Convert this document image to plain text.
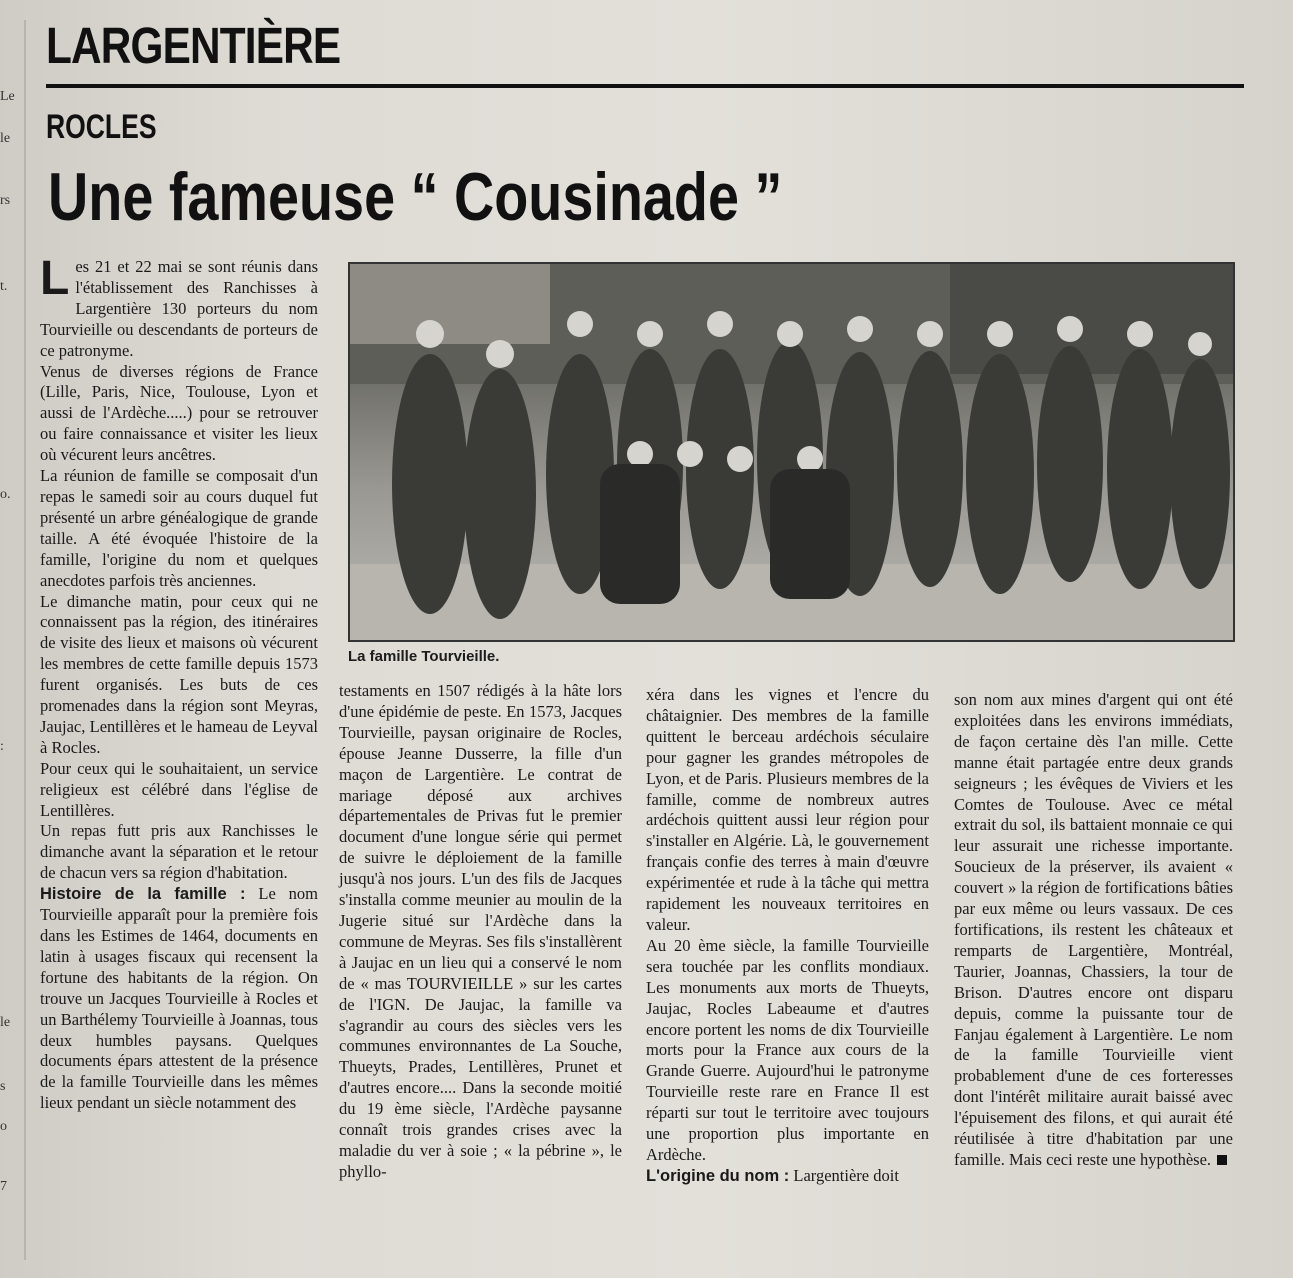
Le
le
rs
t.
o.
:
le
s
o
7
LARGENTIÈRE
ROCLES
Une fameuse “ Cousinade ”
La famille Tourvieille.

Les 21 et 22 mai se sont réunis dans l'établissement des Ranchisses à Largentière 130 porteurs du nom Tourvieille ou descendants de porteurs de ce patronyme.

Venus de diverses régions de France (Lille, Paris, Nice, Toulouse, Lyon et aussi de l'Ardèche.....) pour se retrouver ou faire connaissance et visiter les lieux où vécurent leurs ancêtres.

La réunion de famille se composait d'un repas le samedi soir au cours duquel fut présenté un arbre généalogique de grande taille. A été évoquée l'histoire de la famille, l'origine du nom et quelques anecdotes parfois très anciennes.

Le dimanche matin, pour ceux qui ne connaissent pas la région, des itinéraires de visite des lieux et maisons où vécurent les membres de cette famille depuis 1573 furent organisés. Les buts de ces promenades dans la région sont Meyras, Jaujac, Lentillères et le hameau de Leyval à Rocles.

Pour ceux qui le souhaitaient, un service religieux est célébré dans l'église de Lentillères.

Un repas futt pris aux Ranchisses le dimanche avant la séparation et le retour de chacun vers sa région d'habitation.

Histoire de la famille : Le nom Tourvieille apparaît pour la première fois dans les Estimes de 1464, documents en latin à usages fiscaux qui recensent la fortune des habitants de la région. On trouve un Jacques Tourvieille à Rocles et un Barthélemy Tourvieille à Joannas, tous deux humbles paysans. Quelques documents épars attestent de la présence de la famille Tourvieille dans les mêmes lieux pendant un siècle notamment des

testaments en 1507 rédigés à la hâte lors d'une épidémie de peste. En 1573, Jacques Tourvieille, paysan originaire de Rocles, épouse Jeanne Dusserre, la fille d'un maçon de Largentière. Le contrat de mariage déposé aux archives départementales de Privas fut le premier document d'une longue série qui permet de suivre le déploiement de la famille jusqu'à nos jours. L'un des fils de Jacques s'installa comme meunier au moulin de la Jugerie situé sur l'Ardèche dans la commune de Meyras. Ses fils s'installèrent à Jaujac en un lieu qui a conservé le nom de « mas TOURVIEILLE » sur les cartes de l'IGN. De Jaujac, la famille va s'agrandir au cours des siècles vers les communes environnantes de La Souche, Thueyts, Prades, Lentillères, Prunet et d'autres encore.... Dans la seconde moitié du 19 ème siècle, l'Ardèche paysanne connaît trois grandes crises avec la maladie du ver à soie ; « la pébrine », le phyllo-

xéra dans les vignes et l'encre du châtaignier. Des membres de la famille quittent le berceau ardéchois séculaire pour gagner les grandes métropoles de Lyon, et de Paris. Plusieurs membres de la famille, comme de nombreux autres ardéchois quittent aussi leur région pour s'installer en Algérie. Là, le gouvernement français confie des terres à main d'œuvre expérimentée et rude à la tâche qui mettra rapidement les nouveaux territoires en valeur.

Au 20 ème siècle, la famille Tourvieille sera touchée par les conflits mondiaux. Les monuments aux morts de Thueyts, Jaujac, Rocles Labeaume et d'autres encore portent les noms de dix Tourvieille morts pour la France aux cours de la Grande Guerre. Aujourd'hui le patronyme Tourvieille reste rare en France Il est réparti sur tout le territoire avec toujours une proportion plus importante en Ardèche.

L'origine du nom : Largentière doit

son nom aux mines d'argent qui ont été exploitées dans les environs immédiats, de façon certaine dès l'an mille. Cette manne était partagée entre deux grands seigneurs ; les évêques de Viviers et les Comtes de Toulouse. Avec ce métal extrait du sol, ils battaient monnaie ce qui leur assurait une richesse importante. Soucieux de la préserver, ils avaient « couvert » la région de fortifications bâties par eux même ou leurs vassaux. De ces fortifications, ils restent les châteaux et remparts de Largentière, Montréal, Taurier, Joannas, Chassiers, la tour de Brison. D'autres encore ont disparu depuis, comme la puissante tour de Fanjau également à Largentière. Le nom de la famille Tourvieille vient probablement d'une de ces forteresses dont l'intérêt militaire aurait baissé avec l'épuisement des filons, et qui aurait été réutilisée à titre d'habitation par une famille. Mais ceci reste une hypothèse.
